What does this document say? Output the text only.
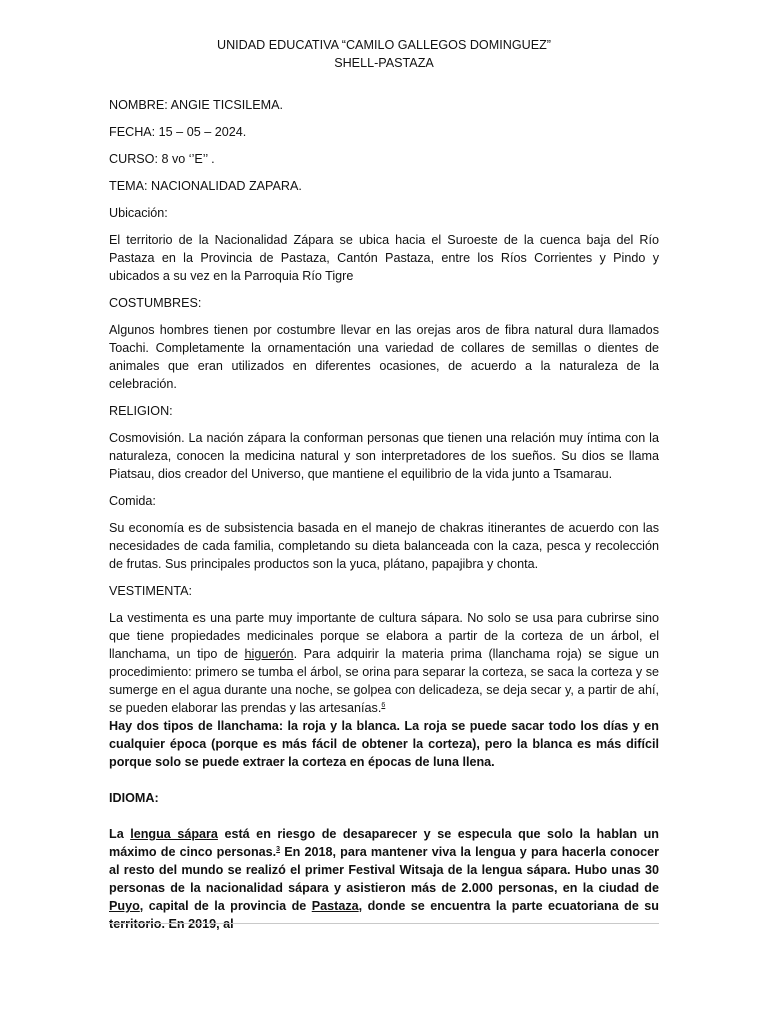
UNIDAD EDUCATIVA “CAMILO GALLEGOS DOMINGUEZ”
SHELL-PASTAZA

NOMBRE: ANGIE TICSILEMA.

FECHA: 15 – 05 – 2024.

CURSO: 8 vo ‘’E’’ .

TEMA: NACIONALIDAD ZAPARA.

Ubicación:

El territorio de la Nacionalidad Zápara se ubica hacia el Suroeste de la cuenca baja del Río Pastaza en la Provincia de Pastaza, Cantón Pastaza, entre los Ríos Corrientes y Pindo y ubicados a su vez en la Parroquia Río Tigre

COSTUMBRES:

Algunos hombres tienen por costumbre llevar en las orejas aros de fibra natural dura llamados Toachi. Completamente la ornamentación una variedad de collares de semillas o dientes de animales que eran utilizados en diferentes ocasiones, de acuerdo a la naturaleza de la celebración.

RELIGION:

Cosmovisión. La nación zápara la conforman personas que tienen una relación muy íntima con la naturaleza, conocen la medicina natural y son interpretadores de los sueños. Su dios se llama Piatsau, dios creador del Universo, que mantiene el equilibrio de la vida junto a Tsamarau.

Comida:

Su economía es de subsistencia basada en el manejo de chakras itinerantes de acuerdo con las necesidades de cada familia, completando su dieta balanceada con la caza, pesca y recolección de frutas. Sus principales productos son la yuca, plátano, papajibra y chonta.

VESTIMENTA:

La vestimenta es una parte muy importante de cultura sápara. No solo se usa para cubrirse sino que tiene propiedades medicinales porque se elabora a partir de la corteza de un árbol, el llanchama, un tipo de higuerón. Para adquirir la materia prima (llanchama roja) se sigue un procedimiento: primero se tumba el árbol, se orina para separar la corteza, se saca la corteza y se sumerge en el agua durante una noche, se golpea con delicadeza, se deja secar y, a partir de ahí, se pueden elaborar las prendas y las artesanías.$^6$

Hay dos tipos de llanchama: la roja y la blanca. La roja se puede sacar todo los días y en cualquier época (porque es más fácil de obtener la corteza), pero la blanca es más difícil porque solo se puede extraer la corteza en épocas de luna llena.

IDIOMA:

La lengua sápara está en riesgo de desaparecer y se especula que solo la hablan un máximo de cinco personas.$^3$ En 2018, para mantener viva la lengua y para hacerla conocer al resto del mundo se realizó el primer Festival Witsaja de la lengua sápara. Hubo unas 30 personas de la nacionalidad sápara y asistieron más de 2.000 personas, en la ciudad de Puyo, capital de la provincia de Pastaza, donde se encuentra la parte ecuatoriana de su territorio. En 2019, al
